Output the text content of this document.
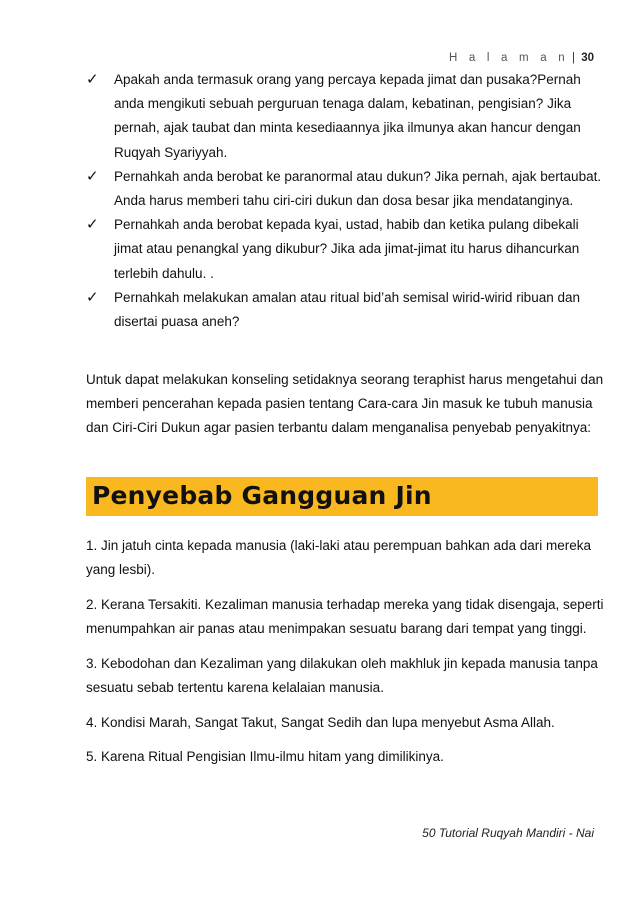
H a l a m a n | 30
✓ Apakah anda termasuk orang yang percaya kepada jimat dan pusaka?Pernah anda mengikuti sebuah perguruan tenaga dalam, kebatinan, pengisian? Jika pernah, ajak taubat dan minta kesediaannya jika ilmunya akan hancur dengan Ruqyah Syariyyah.
✓ Pernahkah anda berobat ke paranormal atau dukun? Jika pernah, ajak bertaubat. Anda harus memberi tahu ciri-ciri dukun dan dosa besar jika mendatanginya.
✓ Pernahkah anda berobat kepada kyai, ustad, habib dan ketika pulang dibekali jimat atau penangkal yang dikubur? Jika ada jimat-jimat itu harus dihancurkan terlebih dahulu. .
✓ Pernahkah melakukan amalan atau ritual bid’ah semisal wirid-wirid ribuan dan disertai puasa aneh?

Untuk dapat melakukan konseling setidaknya seorang teraphist harus mengetahui dan memberi pencerahan kepada pasien tentang Cara-cara Jin masuk ke tubuh manusia dan Ciri-Ciri Dukun agar pasien terbantu dalam menganalisa penyebab penyakitnya:

Penyebab Gangguan Jin

1. Jin jatuh cinta kepada manusia (laki-laki atau perempuan bahkan ada dari mereka yang lesbi).

2. Kerana Tersakiti. Kezaliman manusia terhadap mereka yang tidak disengaja, seperti menumpahkan air panas atau menimpakan sesuatu barang dari tempat yang tinggi.

3. Kebodohan dan Kezaliman yang dilakukan oleh makhluk jin kepada manusia tanpa sesuatu sebab tertentu karena kelalaian manusia.

4. Kondisi Marah, Sangat Takut, Sangat Sedih dan lupa menyebut Asma Allah.

5. Karena Ritual Pengisian Ilmu-ilmu hitam yang dimilikinya.

50 Tutorial Ruqyah Mandiri - Nai
